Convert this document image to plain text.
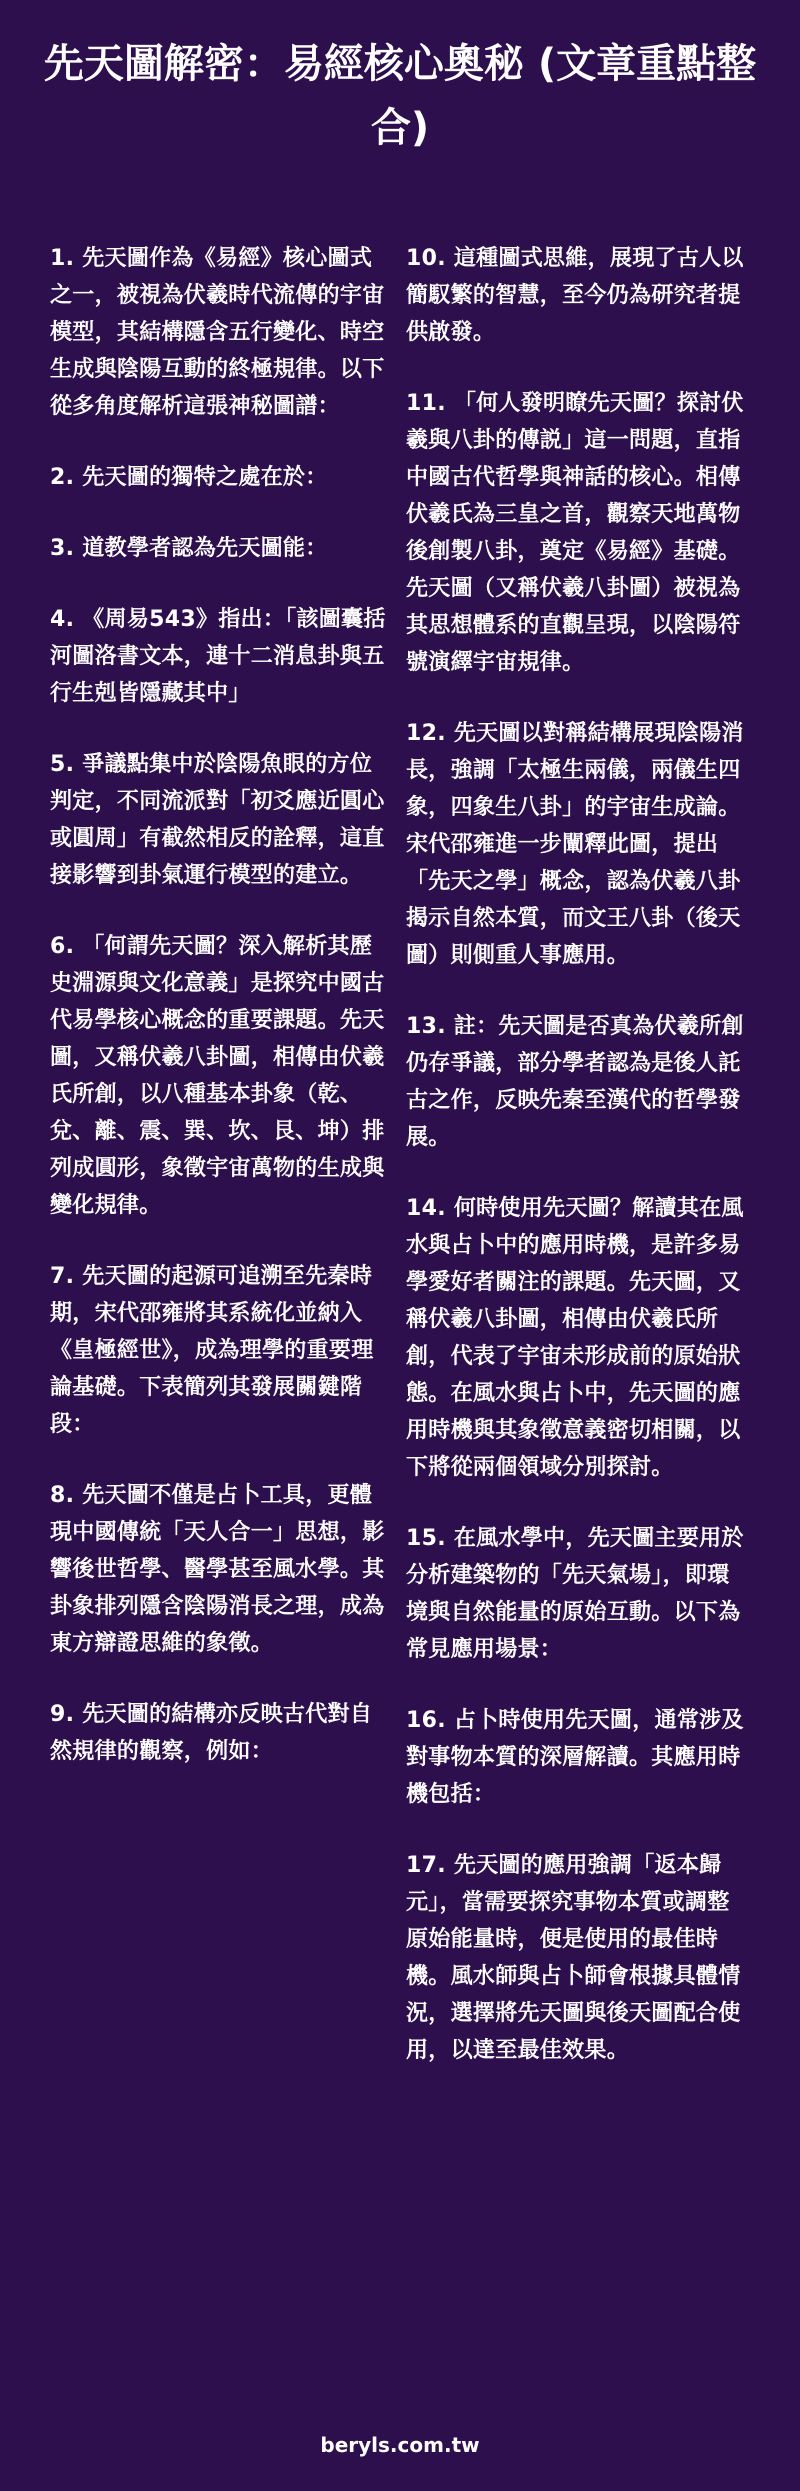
先天圖解密：易經核心奧秘 (文章重點整合)

1. 先天圖作為《易經》核心圖式之一，被視為伏羲時代流傳的宇宙模型，其結構隱含五行變化、時空生成與陰陽互動的終極規律。以下從多角度解析這張神秘圖譜：

2. 先天圖的獨特之處在於：

3. 道教學者認為先天圖能：

4. 《周易543》指出：「該圖囊括河圖洛書文本，連十二消息卦與五行生剋皆隱藏其中」

5. 爭議點集中於陰陽魚眼的方位判定，不同流派對「初爻應近圓心或圓周」有截然相反的詮釋，這直接影響到卦氣運行模型的建立。

6. 「何謂先天圖？深入解析其歷史淵源與文化意義」是探究中國古代易學核心概念的重要課題。先天圖，又稱伏羲八卦圖，相傳由伏羲氏所創，以八種基本卦象（乾、兌、離、震、巽、坎、艮、坤）排列成圓形，象徵宇宙萬物的生成與變化規律。

7. 先天圖的起源可追溯至先秦時期，宋代邵雍將其系統化並納入《皇極經世》，成為理學的重要理論基礎。下表簡列其發展關鍵階段：

8. 先天圖不僅是占卜工具，更體現中國傳統「天人合一」思想，影響後世哲學、醫學甚至風水學。其卦象排列隱含陰陽消長之理，成為東方辯證思維的象徵。

9. 先天圖的結構亦反映古代對自然規律的觀察，例如：

10. 這種圖式思維，展現了古人以簡馭繁的智慧，至今仍為研究者提供啟發。

11. 「何人發明瞭先天圖？探討伏羲與八卦的傳説」這一問題，直指中國古代哲學與神話的核心。相傳伏羲氏為三皇之首，觀察天地萬物後創製八卦，奠定《易經》基礎。先天圖（又稱伏羲八卦圖）被視為其思想體系的直觀呈現，以陰陽符號演繹宇宙規律。

12. 先天圖以對稱結構展現陰陽消長，強調「太極生兩儀，兩儀生四象，四象生八卦」的宇宙生成論。宋代邵雍進一步闡釋此圖，提出「先天之學」概念，認為伏羲八卦揭示自然本質，而文王八卦（後天圖）則側重人事應用。

13. 註：先天圖是否真為伏羲所創仍存爭議，部分學者認為是後人託古之作，反映先秦至漢代的哲學發展。

14. 何時使用先天圖？解讀其在風水與占卜中的應用時機，是許多易學愛好者關注的課題。先天圖，又稱伏羲八卦圖，相傳由伏羲氏所創，代表了宇宙未形成前的原始狀態。在風水與占卜中，先天圖的應用時機與其象徵意義密切相關，以下將從兩個領域分別探討。

15. 在風水學中，先天圖主要用於分析建築物的「先天氣場」，即環境與自然能量的原始互動。以下為常見應用場景：

16. 占卜時使用先天圖，通常涉及對事物本質的深層解讀。其應用時機包括：

17. 先天圖的應用強調「返本歸元」，當需要探究事物本質或調整原始能量時，便是使用的最佳時機。風水師與占卜師會根據具體情況，選擇將先天圖與後天圖配合使用，以達至最佳效果。

beryls.com.tw
